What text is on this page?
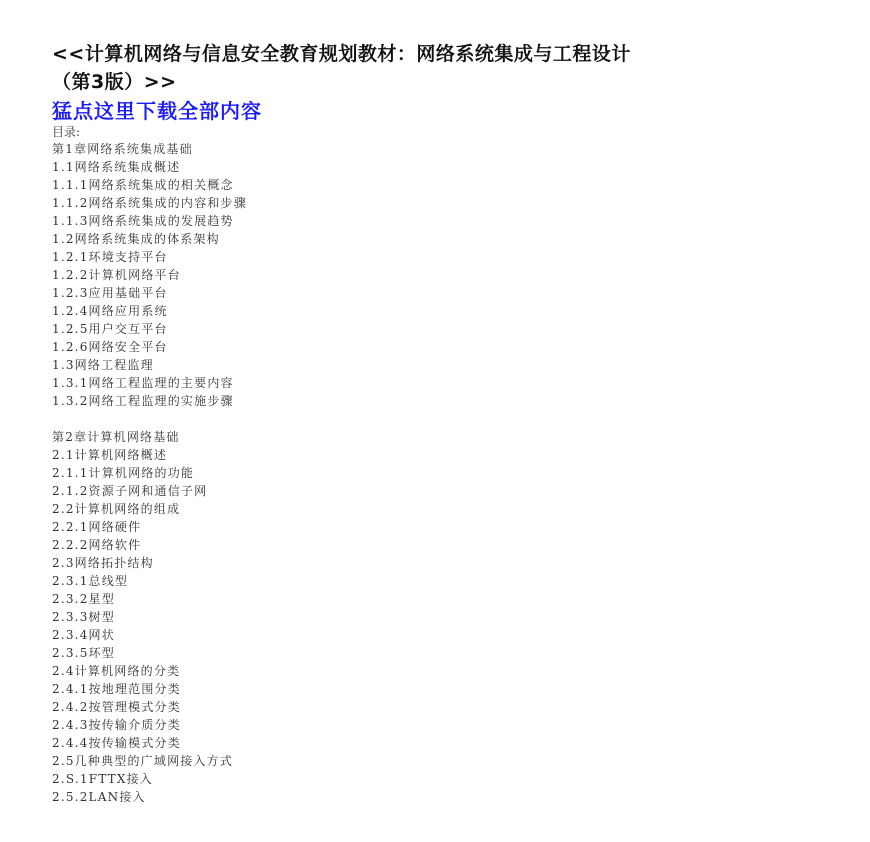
<<计算机网络与信息安全教育规划教材：网络系统集成与工程设计
（第3版）>>
猛点这里下载全部内容
目录:
第1章网络系统集成基础
1.1网络系统集成概述
1.1.1网络系统集成的相关概念
1.1.2网络系统集成的内容和步骤
1.1.3网络系统集成的发展趋势
1.2网络系统集成的体系架构
1.2.1环境支持平台
1.2.2计算机网络平台
1.2.3应用基础平台
1.2.4网络应用系统
1.2.5用户交互平台
1.2.6网络安全平台
1.3网络工程监理
1.3.1网络工程监理的主要内容
1.3.2网络工程监理的实施步骤
第2章计算机网络基础
2.1计算机网络概述
2.1.1计算机网络的功能
2.1.2资源子网和通信子网
2.2计算机网络的组成
2.2.1网络硬件
2.2.2网络软件
2.3网络拓扑结构
2.3.1总线型
2.3.2星型
2.3.3树型
2.3.4网状
2.3.5环型
2.4计算机网络的分类
2.4.1按地理范围分类
2.4.2按管理模式分类
2.4.3按传输介质分类
2.4.4按传输模式分类
2.5几种典型的广域网接入方式
2.S.1FTTX接入
2.5.2LAN接入
